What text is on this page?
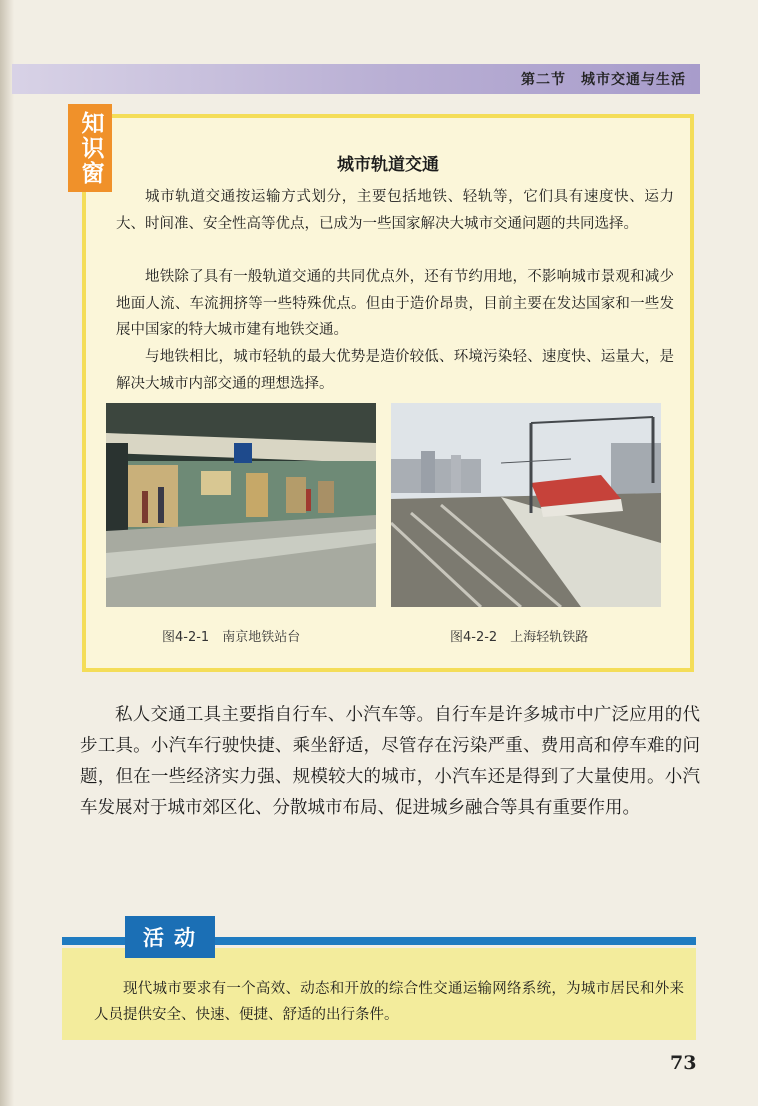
第二节　城市交通与生活
知识窗	城市轨道交通

城市轨道交通按运输方式划分，主要包括地铁、轻轨等，它们具有速度快、运力大、时间准、安全性高等优点，已成为一些国家解决大城市交通问题的共同选择。

地铁除了具有一般轨道交通的共同优点外，还有节约用地，不影响城市景观和减少地面人流、车流拥挤等一些特殊优点。但由于造价昂贵，目前主要在发达国家和一些发展中国家的特大城市建有地铁交通。

与地铁相比，城市轻轨的最大优势是造价较低、环境污染轻、速度快、运量大，是解决大城市内部交通的理想选择。

图4-2-1　南京地铁站台	图4-2-2　上海轻轨铁路

私人交通工具主要指自行车、小汽车等。自行车是许多城市中广泛应用的代步工具。小汽车行驶快捷、乘坐舒适，尽管存在污染严重、费用高和停车难的问题，但在一些经济实力强、规模较大的城市，小汽车还是得到了大量使用。小汽车发展对于城市郊区化、分散城市布局、促进城乡融合等具有重要作用。

活动

现代城市要求有一个高效、动态和开放的综合性交通运输网络系统，为城市居民和外来人员提供安全、快速、便捷、舒适的出行条件。

73
